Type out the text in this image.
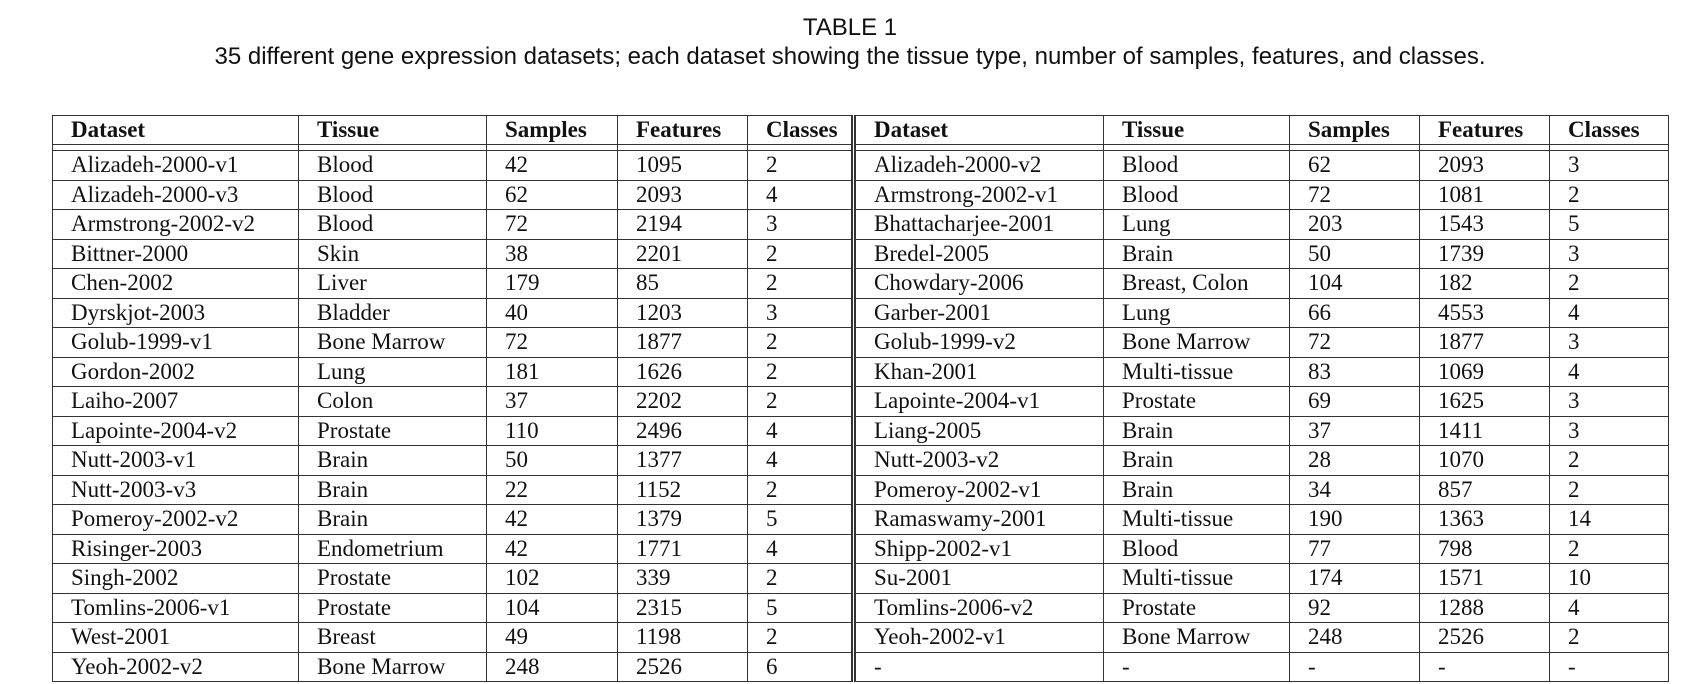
TABLE 1
35 different gene expression datasets; each dataset showing the tissue type, number of samples, features, and classes.
Dataset	Tissue	Samples	Features	Classes	Dataset	Tissue	Samples	Features	Classes

Alizadeh-2000-v1	Blood	42	1095	2	Alizadeh-2000-v2	Blood	62	2093	3
Alizadeh-2000-v3	Blood	62	2093	4	Armstrong-2002-v1	Blood	72	1081	2
Armstrong-2002-v2	Blood	72	2194	3	Bhattacharjee-2001	Lung	203	1543	5
Bittner-2000	Skin	38	2201	2	Bredel-2005	Brain	50	1739	3
Chen-2002	Liver	179	85	2	Chowdary-2006	Breast, Colon	104	182	2
Dyrskjot-2003	Bladder	40	1203	3	Garber-2001	Lung	66	4553	4
Golub-1999-v1	Bone Marrow	72	1877	2	Golub-1999-v2	Bone Marrow	72	1877	3
Gordon-2002	Lung	181	1626	2	Khan-2001	Multi-tissue	83	1069	4
Laiho-2007	Colon	37	2202	2	Lapointe-2004-v1	Prostate	69	1625	3
Lapointe-2004-v2	Prostate	110	2496	4	Liang-2005	Brain	37	1411	3
Nutt-2003-v1	Brain	50	1377	4	Nutt-2003-v2	Brain	28	1070	2
Nutt-2003-v3	Brain	22	1152	2	Pomeroy-2002-v1	Brain	34	857	2
Pomeroy-2002-v2	Brain	42	1379	5	Ramaswamy-2001	Multi-tissue	190	1363	14
Risinger-2003	Endometrium	42	1771	4	Shipp-2002-v1	Blood	77	798	2
Singh-2002	Prostate	102	339	2	Su-2001	Multi-tissue	174	1571	10
Tomlins-2006-v1	Prostate	104	2315	5	Tomlins-2006-v2	Prostate	92	1288	4
West-2001	Breast	49	1198	2	Yeoh-2002-v1	Bone Marrow	248	2526	2
Yeoh-2002-v2	Bone Marrow	248	2526	6	-	-	-	-	-
